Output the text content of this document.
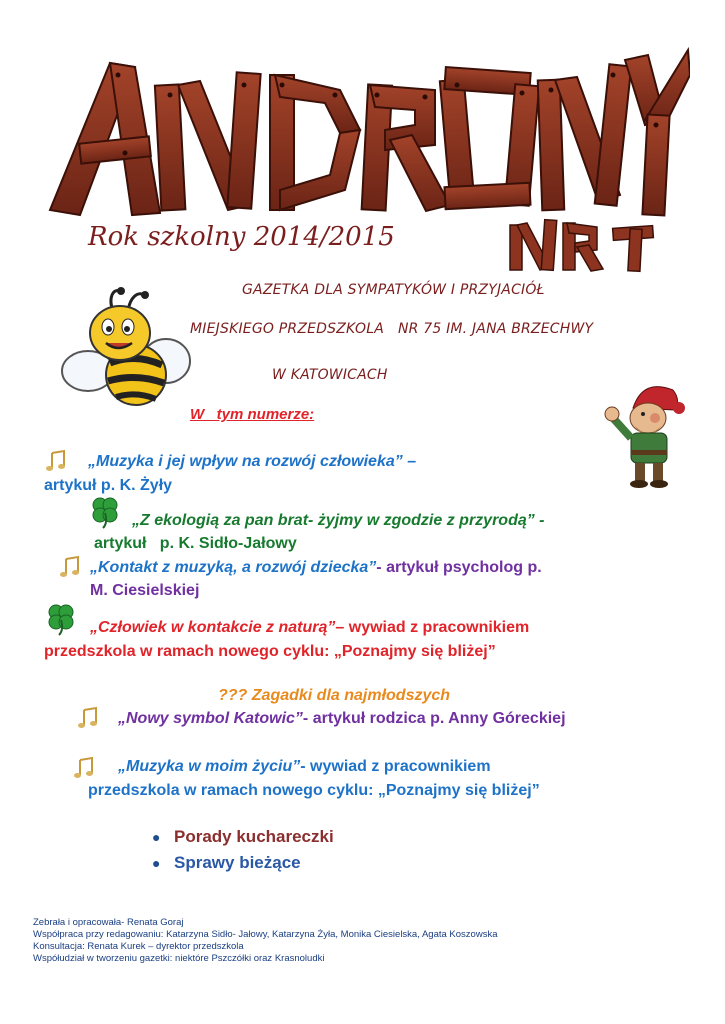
Rok szkolny 2014/2015
GAZETKA DLA SYMPATYKÓW I PRZYJACIÓŁ
MIEJSKIEGO PRZEDSZKOLA   NR 75 IM. JANA BRZECHWY
W KATOWICACH
W   tym numerze:
„Muzyka i jej wpływ na rozwój człowieka” –
artykuł p. K. Żyły
„Z ekologią za pan brat- żyjmy w zgodzie z przyrodą” -
artykuł   p. K. Sidło-Jałowy
„Kontakt z muzyką, a rozwój dziecka”- artykuł psycholog p.
M. Ciesielskiej
„Człowiek w kontakcie z naturą”– wywiad z pracownikiem
przedszkola w ramach nowego cyklu: „Poznajmy się bliżej”
??? Zagadki dla najmłodszych
„Nowy symbol Katowic”- artykuł rodzica p. Anny Góreckiej
„Muzyka w moim życiu”- wywiad z pracownikiem
przedszkola w ramach nowego cyklu: „Poznajmy się bliżej”
● Porady kuchareczki
● Sprawy bieżące
Zebrała i opracowała- Renata Goraj
Współpraca przy redagowaniu: Katarzyna Sidło- Jałowy, Katarzyna Żyła, Monika Ciesielska, Agata Koszowska
Konsultacja: Renata Kurek – dyrektor przedszkola
Współudział w tworzeniu gazetki: niektóre Pszczółki oraz Krasnoludki
